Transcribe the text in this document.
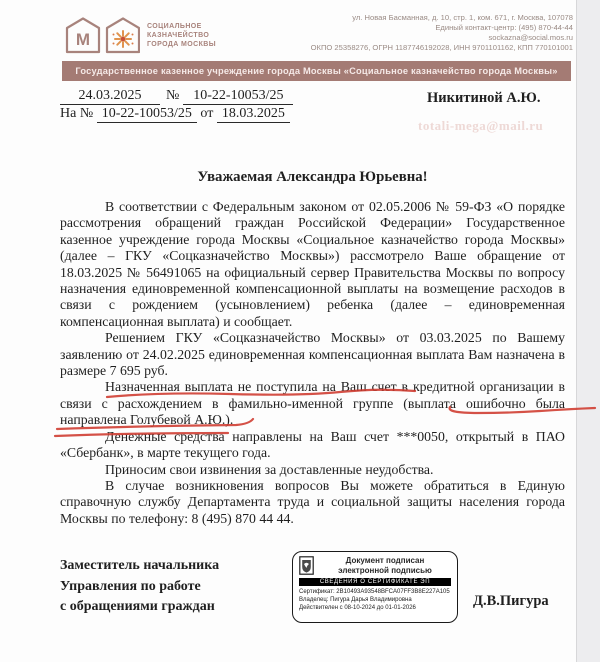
М
СОЦИАЛЬНОЕ
КАЗНАЧЕЙСТВО
ГОРОДА МОСКВЫ
ул. Новая Басманная, д. 10, стр. 1, ком. 671, г. Москва, 107078
Единый контакт-центр: (495) 870-44-44
sockazna@social.mos.ru
ОКПО 25358276, ОГРН 1187746192028, ИНН 9701101162, КПП 770101001
Государственное казенное учреждение города Москвы «Социальное казначейство города Москвы»
24.03.2025 № 10-22-10053/25
На № 10-22-10053/25 от 18.03.2025
Никитиной А.Ю.
totali-mega@mail.ru
Уважаемая Александра Юрьевна!

В соответствии с Федеральным законом от 02.05.2006 № 59-ФЗ «О порядке рассмотрения обращений граждан Российской Федерации» Государственное казенное учреждение города Москвы «Социальное казначейство города Москвы» (далее – ГКУ «Соцказначейство Москвы») рассмотрело Ваше обращение от 18.03.2025 № 56491065 на официальный сервер Правительства Москвы по вопросу назначения единовременной компенсационной выплаты на возмещение расходов в связи с рождением (усыновлением) ребенка (далее – единовременная компенсационная выплата) и сообщает.

Решением ГКУ «Соцказначейство Москвы» от 03.03.2025 по Вашему заявлению от 24.02.2025 единовременная компенсационная выплата Вам назначена в размере 7 695 руб.

Назначенная выплата не поступила на Ваш счет в кредитной организации в связи с расхождением в фамильно-именной группе (выплата ошибочно была направлена Голубевой А.Ю.).

Денежные средства направлены на Ваш счет ***0050, открытый в ПАО «Сбербанк», в марте текущего года.

Приносим свои извинения за доставленные неудобства.

В случае возникновения вопросов Вы можете обратиться в Единую справочную службу Департамента труда и социальной защиты населения города Москвы по телефону: 8 (495) 870 44 44.

Заместитель начальника
Управления по работе
с обращениями граждан	Д.В.Пигура
Документ подписан
электронной подписью
СВЕДЕНИЯ О СЕРТИФИКАТЕ ЭП
Сертификат: 2B10493A93548BFCA07FF3B8E227A105
Владелец: Пигура Дарья Владимировна
Действителен с 08-10-2024 до 01-01-2026
